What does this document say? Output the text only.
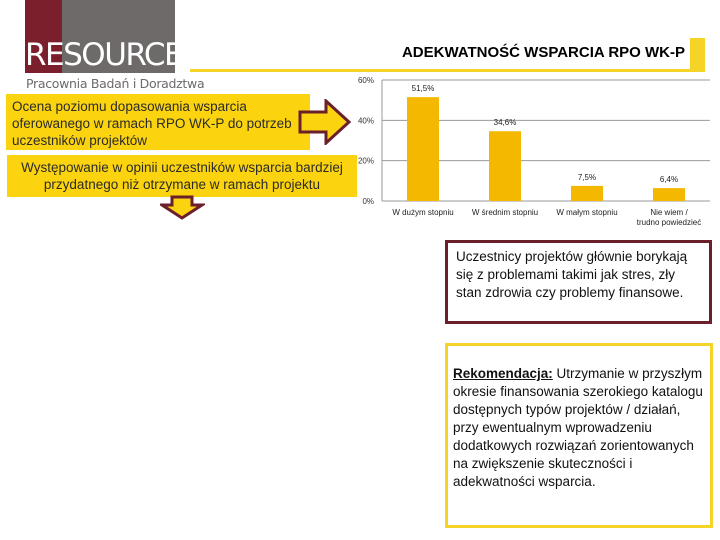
RESOURCE
Pracownia Badań i Doradztwa
ADEKWATNOŚĆ WSPARCIA RPO WK-P
Ocena poziomu dopasowania wsparcia oferowanego w ramach RPO WK-P do potrzeb uczestników projektów
Występowanie w opinii uczestników wsparcia bardziej przydatnego niż otrzymane w ramach projektu
0%
20%
40%
60%
51,5%
W dużym stopniu
34,6%
W średnim stopniu
7,5%
W małym stopniu
6,4%
Nie wiem /
trudno powiedzieć
Uczestnicy projektów głównie borykają się z problemami takimi jak stres, zły stan zdrowia czy problemy finansowe.
Rekomendacja: Utrzymanie w przyszłym okresie finansowania szerokiego katalogu dostępnych typów projektów / działań, przy ewentualnym wprowadzeniu dodatkowych rozwiązań zorientowanych na zwiększenie skuteczności i adekwatności wsparcia.
